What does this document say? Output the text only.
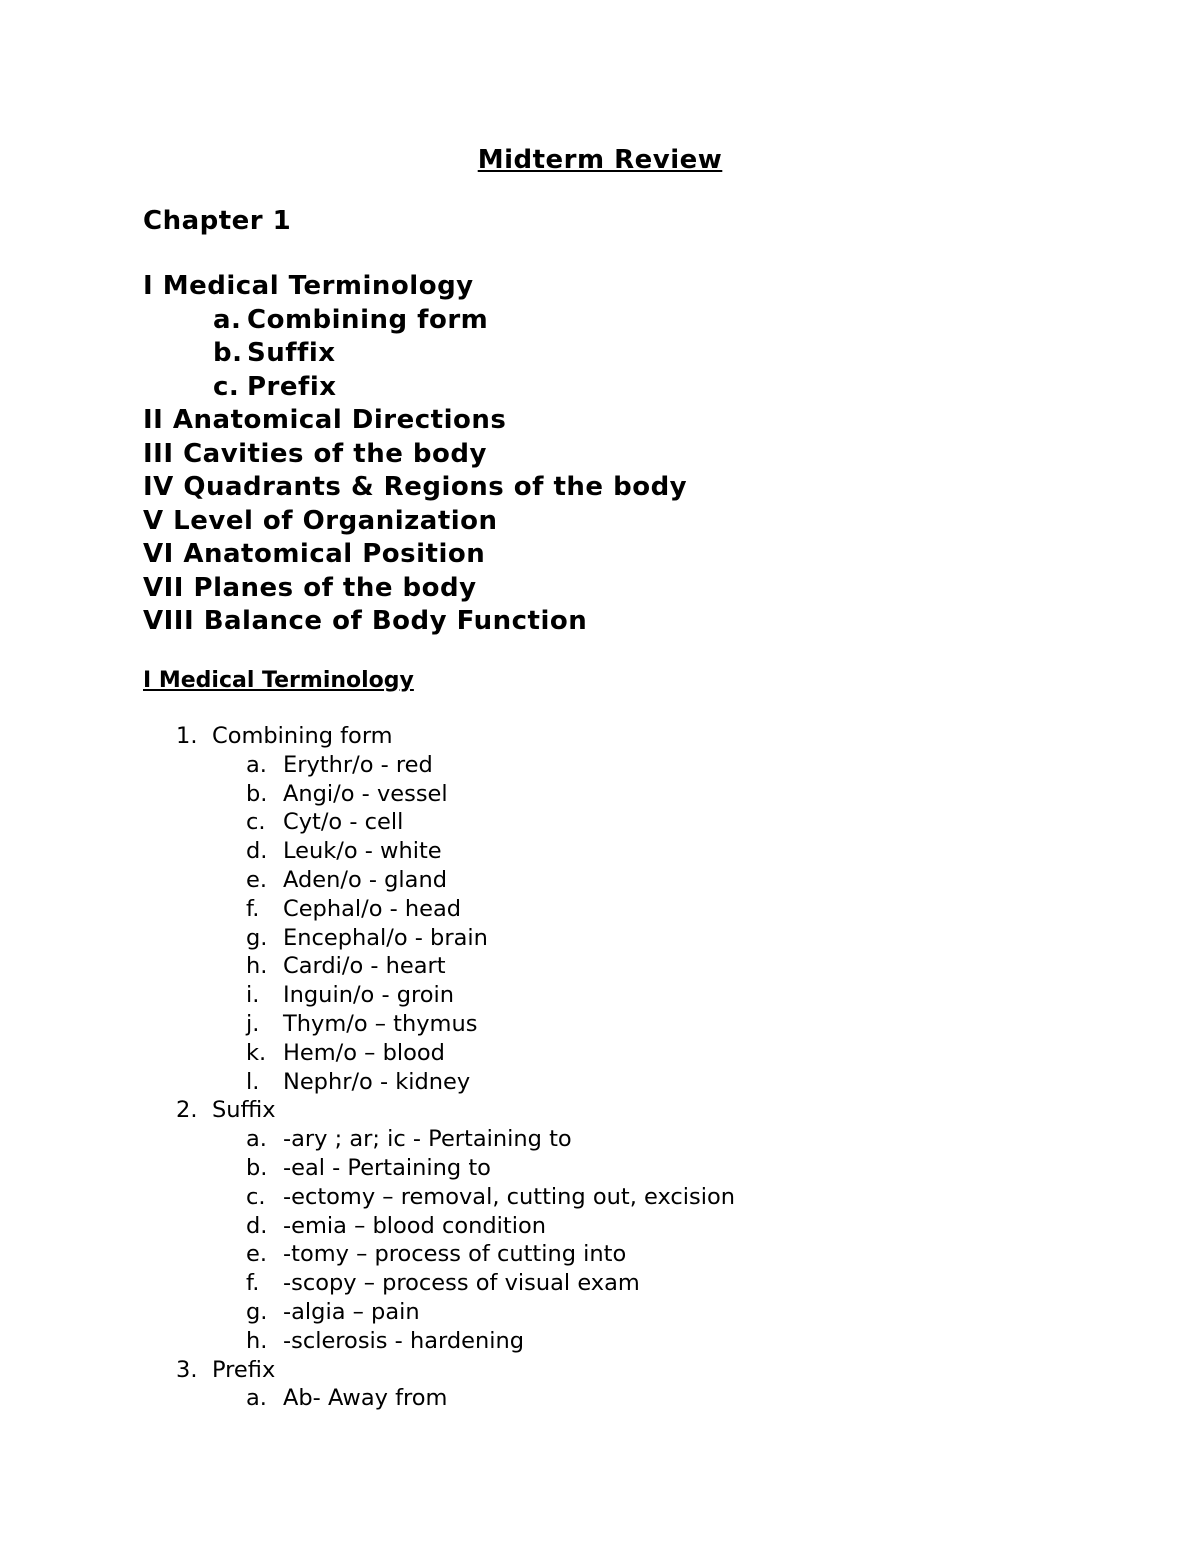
Midterm Review
Chapter 1
I Medical Terminology
a. Combining form
b. Suffix
c. Prefix
II Anatomical Directions
III Cavities of the body
IV Quadrants & Regions of the body
V Level of Organization
VI Anatomical Position
VII Planes of the body
VIII Balance of Body Function
I Medical Terminology
1. Combining form
a. Erythr/o - red
b. Angi/o - vessel
c. Cyt/o - cell
d. Leuk/o - white
e. Aden/o - gland
f. Cephal/o - head
g. Encephal/o - brain
h. Cardi/o - heart
i. Inguin/o - groin
j. Thym/o – thymus
k. Hem/o – blood
l. Nephr/o - kidney
2. Suffix
a. -ary ; ar; ic - Pertaining to
b. -eal - Pertaining to
c. -ectomy – removal, cutting out, excision
d. -emia – blood condition
e. -tomy – process of cutting into
f. -scopy – process of visual exam
g. -algia – pain
h. -sclerosis - hardening
3. Prefix
a. Ab- Away from
